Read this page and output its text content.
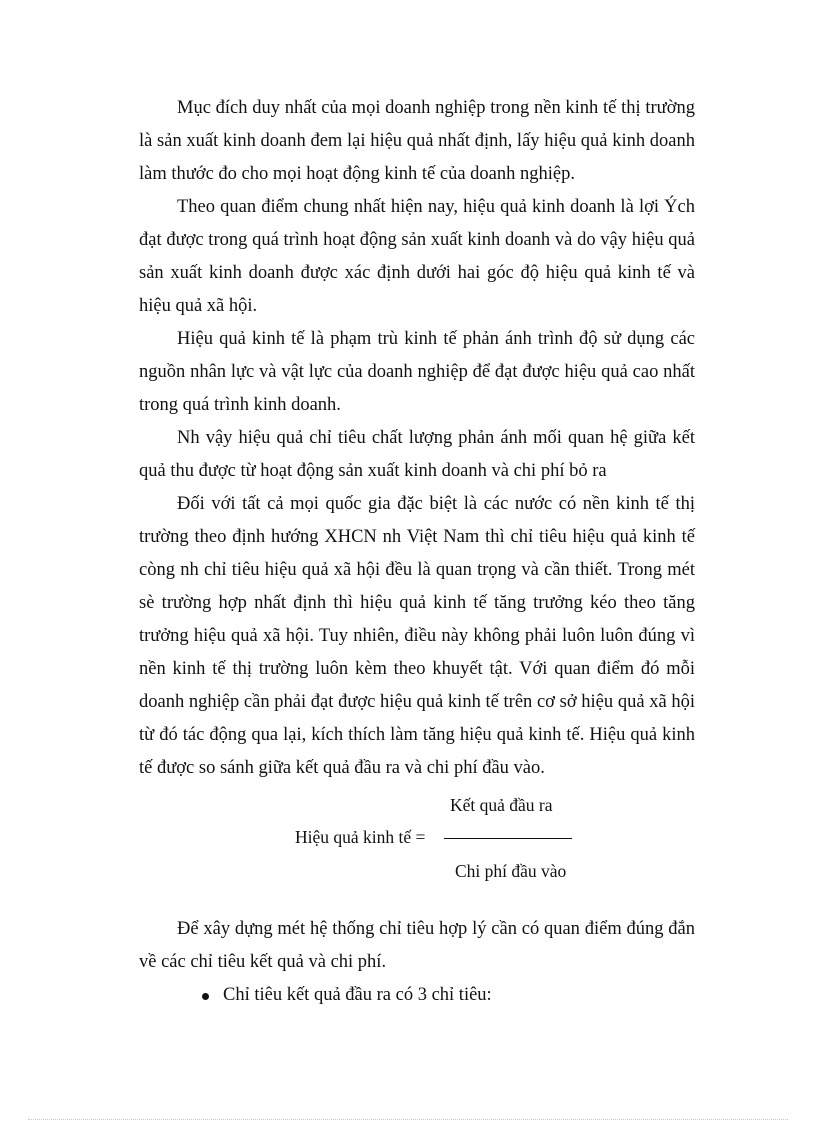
Mục đích duy nhất của mọi doanh nghiệp trong nền kinh tế thị trường là sản xuất kinh doanh đem lại hiệu quả nhất định, lấy hiệu quả kinh doanh làm thước đo cho mọi hoạt động kinh tế của doanh nghiệp.

Theo quan điểm chung nhất hiện nay, hiệu quả kinh doanh là lợi Ých đạt được trong quá trình hoạt động sản xuất kinh doanh và do vậy hiệu quả sản xuất kinh doanh được xác định dưới hai góc độ hiệu quả kinh tế và hiệu quả xã hội.

Hiệu quả kinh tế là phạm trù kinh tế phản ánh trình độ sử dụng các nguồn nhân lực và vật lực của doanh nghiệp để đạt được hiệu quả cao nhất trong quá trình kinh doanh.

Nh vậy hiệu quả chỉ tiêu chất lượng phản ánh mối quan hệ giữa kết quả thu được từ hoạt động sản xuất kinh doanh và chi phí bỏ ra

Đối với tất cả mọi quốc gia đặc biệt là các nước có nền kinh tế thị trường theo định hướng XHCN nh Việt Nam thì chỉ tiêu hiệu quả kinh tế còng nh chỉ tiêu hiệu quả xã hội đều là quan trọng và cần thiết. Trong mét sè trường hợp nhất định thì hiệu quả kinh tế tăng trưởng kéo theo tăng trưởng hiệu quả xã hội. Tuy nhiên, điều này không phải luôn luôn đúng vì nền kinh tế thị trường luôn kèm theo khuyết tật. Với quan điểm đó mỗi doanh nghiệp cần phải đạt được hiệu quả kinh tế trên cơ sở hiệu quả xã hội từ đó tác động qua lại, kích thích làm tăng hiệu quả kinh tế. Hiệu quả kinh tế được so sánh giữa kết quả đầu ra và chi phí đầu vào.

Kết quả đầu ra
Hiệu quả kinh tế =
Chi phí đầu vào

Để xây dựng mét hệ thống chỉ tiêu hợp lý cần có quan điểm đúng đắn về các chỉ tiêu kết quả và chi phí.

Chỉ tiêu kết quả đầu ra có 3 chỉ tiêu:
